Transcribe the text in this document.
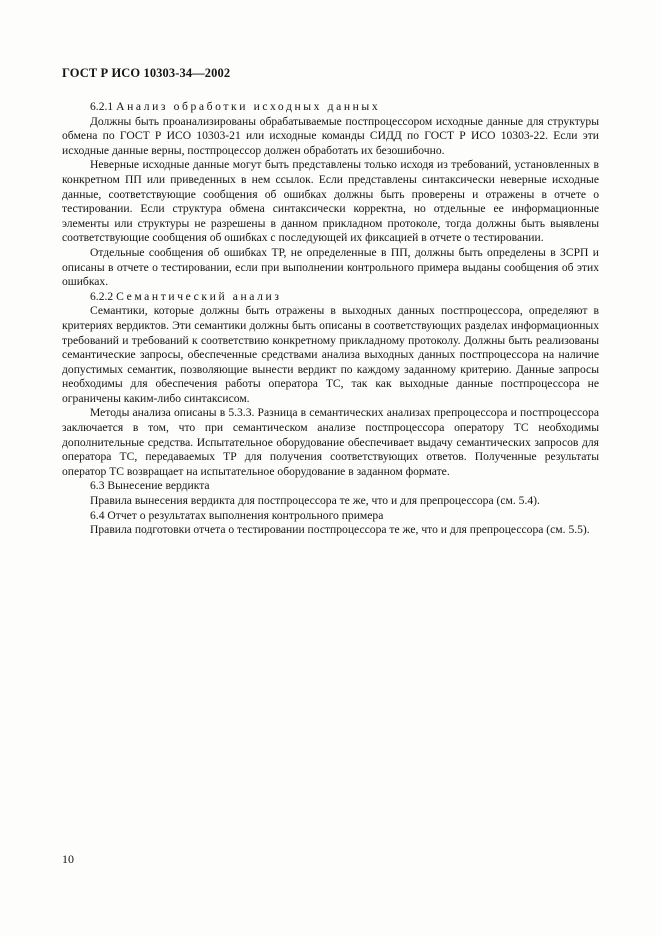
ГОСТ Р ИСО 10303-34—2002

6.2.1 Анализ обработки исходных данных

Должны быть проанализированы обрабатываемые постпроцессором исходные данные для структуры обмена по ГОСТ Р ИСО 10303-21 или исходные команды СИДД по ГОСТ Р ИСО 10303-22. Если эти исходные данные верны, постпроцессор должен обработать их безошибочно.

Неверные исходные данные могут быть представлены только исходя из требований, установленных в конкретном ПП или приведенных в нем ссылок. Если представлены синтаксически неверные исходные данные, соответствующие сообщения об ошибках должны быть проверены и отражены в отчете о тестировании. Если структура обмена синтаксически корректна, но отдельные ее информационные элементы или структуры не разрешены в данном прикладном протоколе, тогда должны быть выявлены соответствующие сообщения об ошибках с последующей их фиксацией в отчете о тестировании.

Отдельные сообщения об ошибках ТР, не определенные в ПП, должны быть определены в ЗСРП и описаны в отчете о тестировании, если при выполнении контрольного примера выданы сообщения об этих ошибках.

6.2.2 Семантический анализ

Семантики, которые должны быть отражены в выходных данных постпроцессора, определяют в критериях вердиктов. Эти семантики должны быть описаны в соответствующих разделах информационных требований и требований к соответствию конкретному прикладному протоколу. Должны быть реализованы семантические запросы, обеспеченные средствами анализа выходных данных постпроцессора на наличие допустимых семантик, позволяющие вынести вердикт по каждому заданному критерию. Данные запросы необходимы для обеспечения работы оператора ТС, так как выходные данные постпроцессора не ограничены каким-либо синтаксисом.

Методы анализа описаны в 5.3.3. Разница в семантических анализах препроцессора и постпроцессора заключается в том, что при семантическом анализе постпроцессора оператору ТС необходимы дополнительные средства. Испытательное оборудование обеспечивает выдачу семантических запросов для оператора ТС, передаваемых ТР для получения соответствующих ответов. Полученные результаты оператор ТС возвращает на испытательное оборудование в заданном формате.

6.3 Вынесение вердикта

Правила вынесения вердикта для постпроцессора те же, что и для препроцессора (см. 5.4).

6.4 Отчет о результатах выполнения контрольного примера

Правила подготовки отчета о тестировании постпроцессора те же, что и для препроцессора (см. 5.5).

10
